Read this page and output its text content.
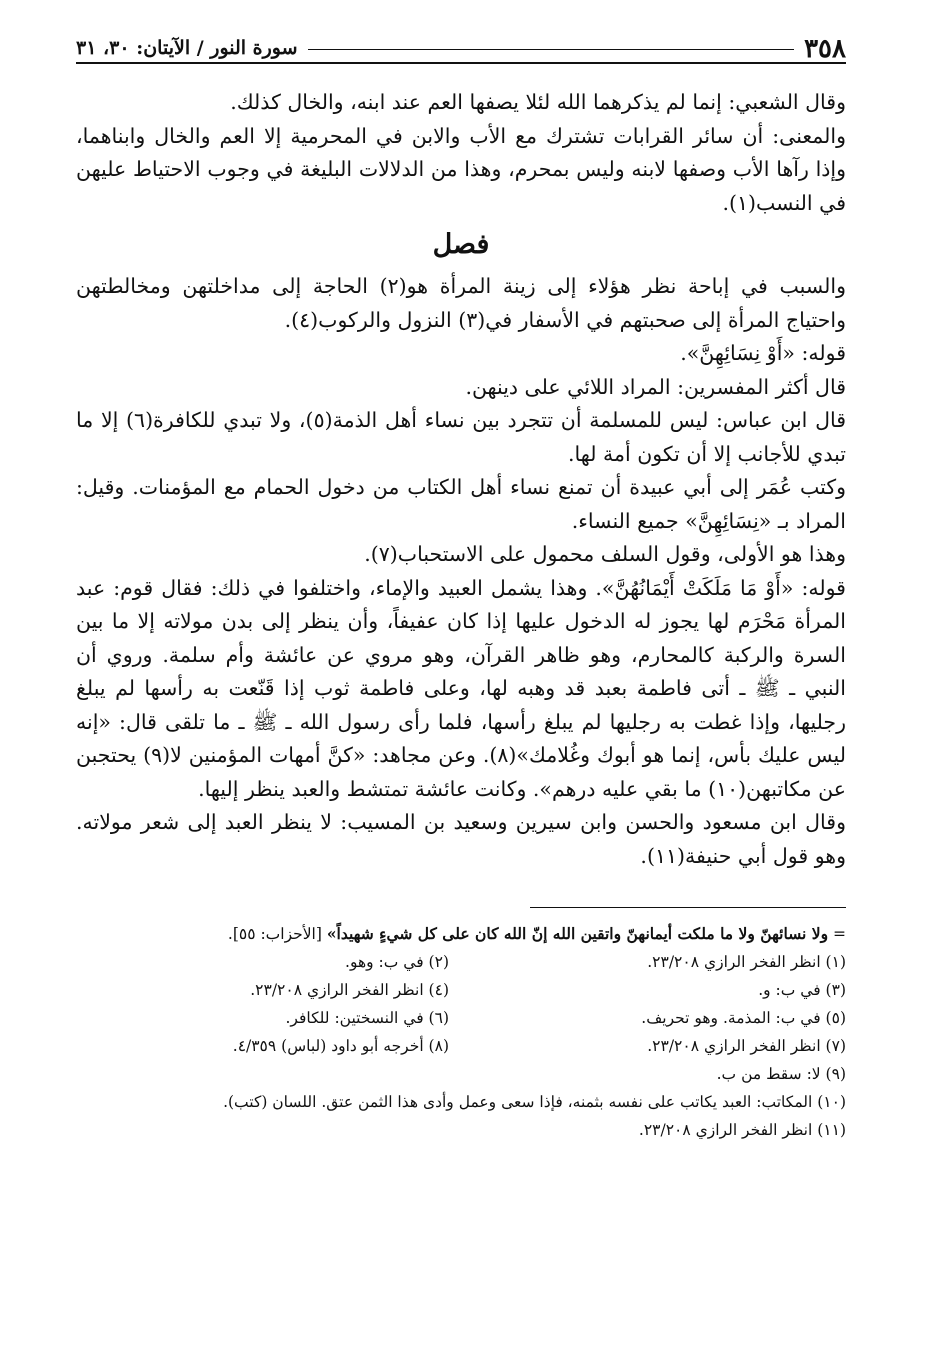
٣٥٨
سورة النور / الآيتان: ٣٠، ٣١

وقال الشعبي: إنما لم يذكرهما الله لئلا يصفها العم عند ابنه، والخال كذلك.

والمعنى: أن سائر القرابات تشترك مع الأب والابن في المحرمية إلا العم والخال وابناهما، وإذا رآها الأب وصفها لابنه وليس بمحرم، وهذا من الدلالات البليغة في وجوب الاحتياط عليهن في النسب(١).

فصل

والسبب في إباحة نظر هؤلاء إلى زينة المرأة هو(٢) الحاجة إلى مداخلتهن ومخالطتهن واحتياج المرأة إلى صحبتهم في الأسفار في(٣) النزول والركوب(٤).

قوله: «أَوْ نِسَائِهِنَّ».

قال أكثر المفسرين: المراد اللائي على دينهن.

قال ابن عباس: ليس للمسلمة أن تتجرد بين نساء أهل الذمة(٥)، ولا تبدي للكافرة(٦) إلا ما تبدي للأجانب إلا أن تكون أمة لها.

وكتب عُمَر إلى أبي عبيدة أن تمنع نساء أهل الكتاب من دخول الحمام مع المؤمنات. وقيل: المراد بـ «نِسَائِهِنَّ» جميع النساء.

وهذا هو الأولى، وقول السلف محمول على الاستحباب(٧).

قوله: «أَوْ مَا مَلَكَتْ أَيْمَانُهُنَّ». وهذا يشمل العبيد والإماء، واختلفوا في ذلك: فقال قوم: عبد المرأة مَحْرَم لها يجوز له الدخول عليها إذا كان عفيفاً، وأن ينظر إلى بدن مولاته إلا ما بين السرة والركبة كالمحارم، وهو ظاهر القرآن، وهو مروي عن عائشة وأم سلمة. وروي أن النبي ـ ﷺ ـ أتى فاطمة بعبد قد وهبه لها، وعلى فاطمة ثوب إذا قَنّعت به رأسها لم يبلغ رجليها، وإذا غطت به رجليها لم يبلغ رأسها، فلما رأى رسول الله ـ ﷺ ـ ما تلقى قال: «إنه ليس عليك بأس، إنما هو أبوك وغُلامك»(٨). وعن مجاهد: «كنَّ أمهات المؤمنين لا(٩) يحتجبن عن مكاتبهن(١٠) ما بقي عليه درهم». وكانت عائشة تمتشط والعبد ينظر إليها.

وقال ابن مسعود والحسن وابن سيرين وسعيد بن المسيب: لا ينظر العبد إلى شعر مولاته. وهو قول أبي حنيفة(١١).

= ولا نسائهنّ ولا ما ملكت أيمانهنّ واتقين الله إنّ الله كان على كل شيءٍ شهيداً» [الأحزاب: ٥٥].

(١) انظر الفخر الرازي ٢٣/٢٠٨.

(٢) في ب: وهو.

(٣) في ب: و.

(٤) انظر الفخر الرازي ٢٣/٢٠٨.

(٥) في ب: المذمة. وهو تحريف.

(٦) في النسختين: للكافر.

(٧) انظر الفخر الرازي ٢٣/٢٠٨.

(٨) أخرجه أبو داود (لباس) ٤/٣٥٩.

(٩) لا: سقط من ب.

(١٠) المكاتب: العبد يكاتب على نفسه بثمنه، فإذا سعى وعمل وأدى هذا الثمن عتق. اللسان (كتب).

(١١) انظر الفخر الرازي ٢٣/٢٠٨.
